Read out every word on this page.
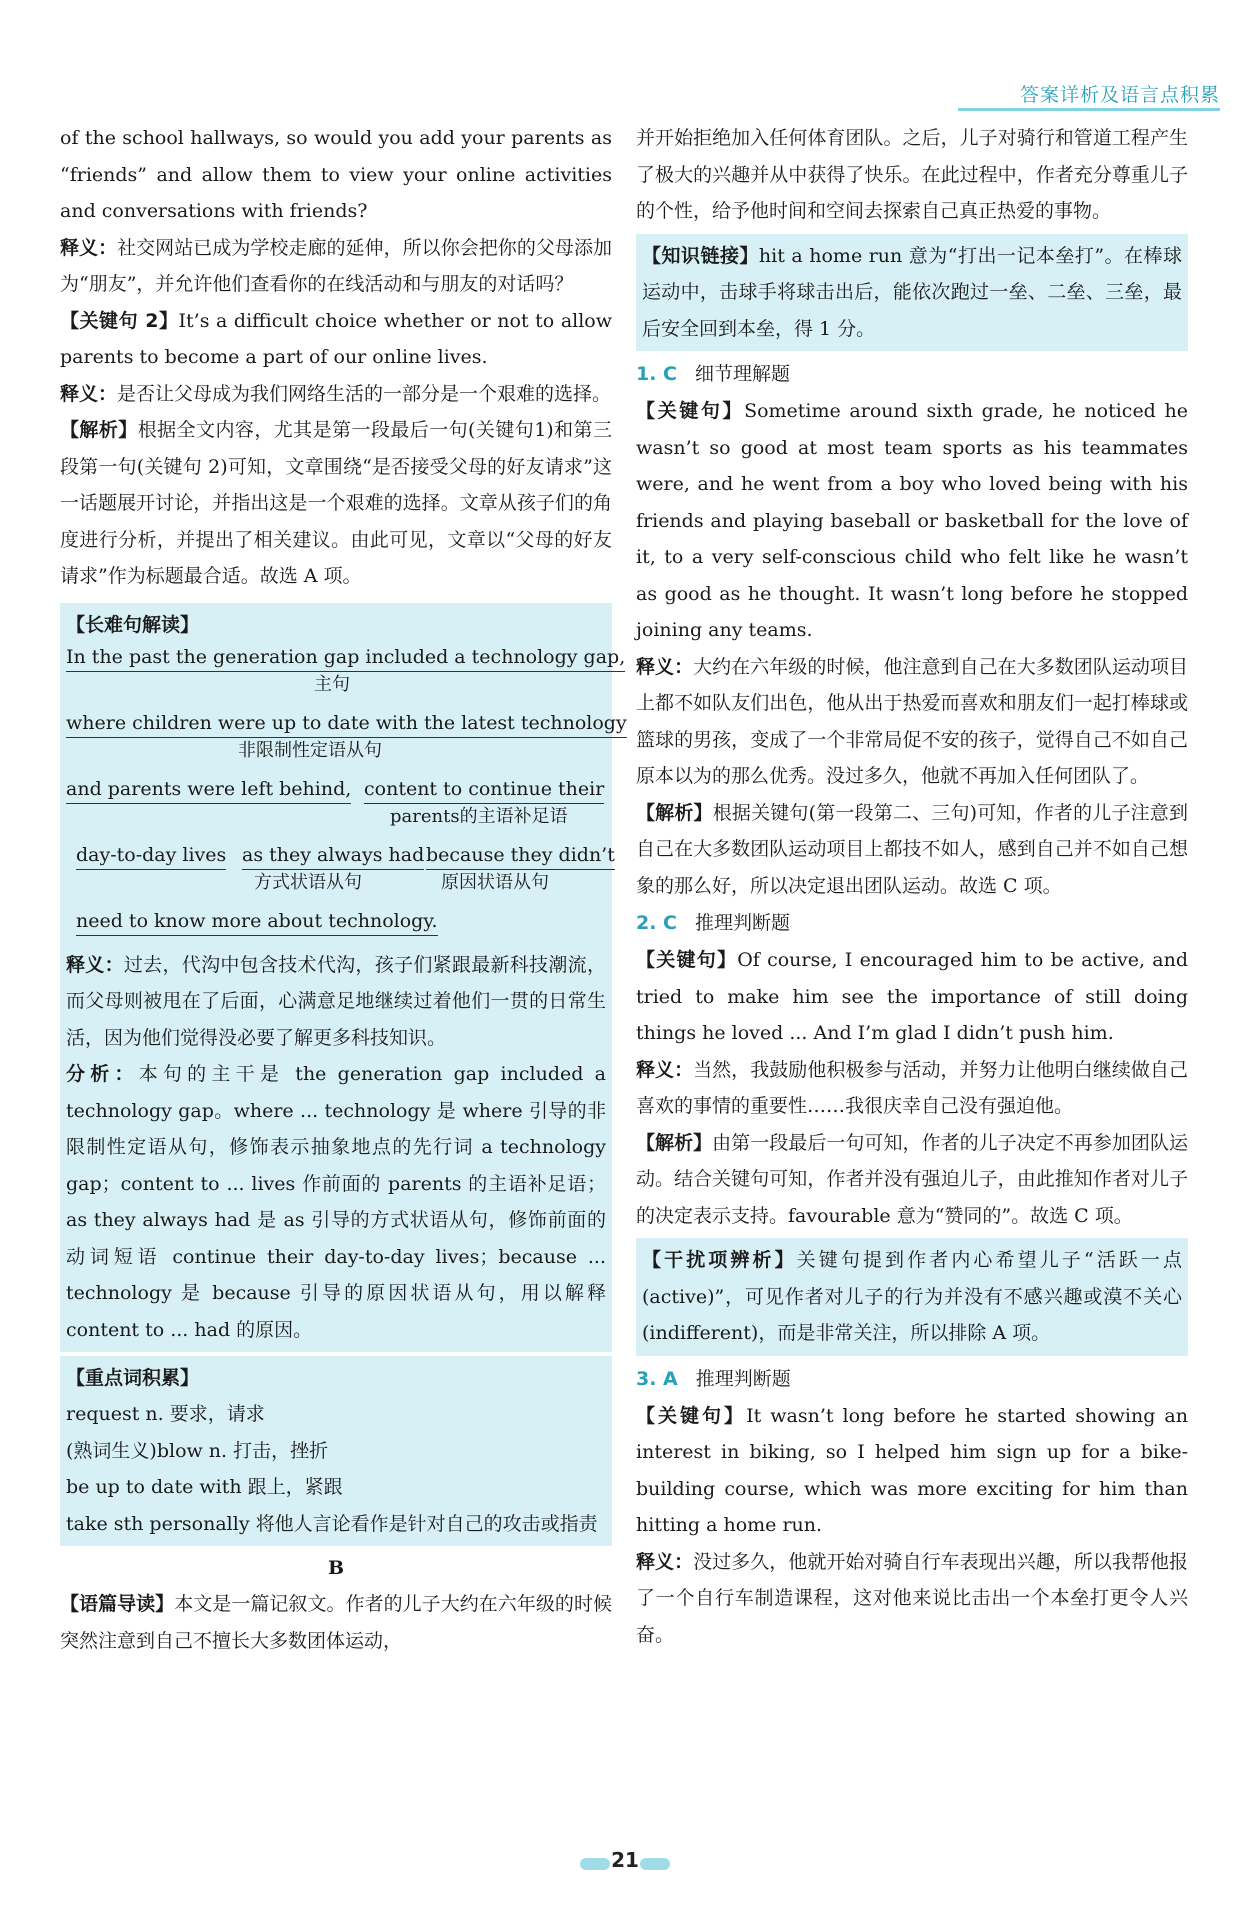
答案详析及语言点积累

of the school hallways, so would you add your parents as “friends” and allow them to view your online activities and conversations with friends?

释义：社交网站已成为学校走廊的延伸，所以你会把你的父母添加为“朋友”，并允许他们查看你的在线活动和与朋友的对话吗？

【关键句 2】It’s a difficult choice whether or not to allow parents to become a part of our online lives.

释义：是否让父母成为我们网络生活的一部分是一个艰难的选择。

【解析】根据全文内容，尤其是第一段最后一句(关键句1)和第三段第一句(关键句 2)可知，文章围绕“是否接受父母的好友请求”这一话题展开讨论，并指出这是一个艰难的选择。文章从孩子们的角度进行分析，并提出了相关建议。由此可见，文章以“父母的好友请求”作为标题最合适。故选 A 项。

【长难句解读】
In the past the generation gap included a technology gap,
主句
where children were up to date with the latest technology
非限制性定语从句
and parents were left behind, content to continue their
parents的主语补足语
day-to-day lives as they always had
方式状语从句
because they didn’t
原因状语从句
need to know more about technology.

释义：过去，代沟中包含技术代沟，孩子们紧跟最新科技潮流，而父母则被甩在了后面，心满意足地继续过着他们一贯的日常生活，因为他们觉得没必要了解更多科技知识。

分析：本句的主干是 the generation gap included a technology gap。where ... technology 是 where 引导的非限制性定语从句，修饰表示抽象地点的先行词 a technology gap；content to ... lives 作前面的 parents 的主语补足语；as they always had 是 as 引导的方式状语从句，修饰前面的动词短语 continue their day-to-day lives；because ... technology 是 because 引导的原因状语从句，用以解释 content to ... had 的原因。

【重点词积累】

request n. 要求，请求

(熟词生义)blow n. 打击，挫折

be up to date with 跟上，紧跟

take sth personally 将他人言论看作是针对自己的攻击或指责

B

【语篇导读】本文是一篇记叙文。作者的儿子大约在六年级的时候突然注意到自己不擅长大多数团体运动，

并开始拒绝加入任何体育团队。之后，儿子对骑行和管道工程产生了极大的兴趣并从中获得了快乐。在此过程中，作者充分尊重儿子的个性，给予他时间和空间去探索自己真正热爱的事物。

【知识链接】hit a home run 意为“打出一记本垒打”。在棒球运动中，击球手将球击出后，能依次跑过一垒、二垒、三垒，最后安全回到本垒，得 1 分。

1. C 细节理解题

【关键句】Sometime around sixth grade, he noticed he wasn’t so good at most team sports as his teammates were, and he went from a boy who loved being with his friends and playing baseball or basketball for the love of it, to a very self-conscious child who felt like he wasn’t as good as he thought. It wasn’t long before he stopped joining any teams.

释义：大约在六年级的时候，他注意到自己在大多数团队运动项目上都不如队友们出色，他从出于热爱而喜欢和朋友们一起打棒球或篮球的男孩，变成了一个非常局促不安的孩子，觉得自己不如自己原本以为的那么优秀。没过多久，他就不再加入任何团队了。

【解析】根据关键句(第一段第二、三句)可知，作者的儿子注意到自己在大多数团队运动项目上都技不如人，感到自己并不如自己想象的那么好，所以决定退出团队运动。故选 C 项。

2. C 推理判断题

【关键句】Of course, I encouraged him to be active, and tried to make him see the importance of still doing things he loved ... And I’m glad I didn’t push him.

释义：当然，我鼓励他积极参与活动，并努力让他明白继续做自己喜欢的事情的重要性……我很庆幸自己没有强迫他。

【解析】由第一段最后一句可知，作者的儿子决定不再参加团队运动。结合关键句可知，作者并没有强迫儿子，由此推知作者对儿子的决定表示支持。favourable 意为“赞同的”。故选 C 项。

【干扰项辨析】关键句提到作者内心希望儿子“活跃一点(active)”，可见作者对儿子的行为并没有不感兴趣或漠不关心(indifferent)，而是非常关注，所以排除 A 项。

3. A 推理判断题

【关键句】It wasn’t long before he started showing an interest in biking, so I helped him sign up for a bike-building course, which was more exciting for him than hitting a home run.

释义：没过多久，他就开始对骑自行车表现出兴趣，所以我帮他报了一个自行车制造课程，这对他来说比击出一个本垒打更令人兴奋。

21
